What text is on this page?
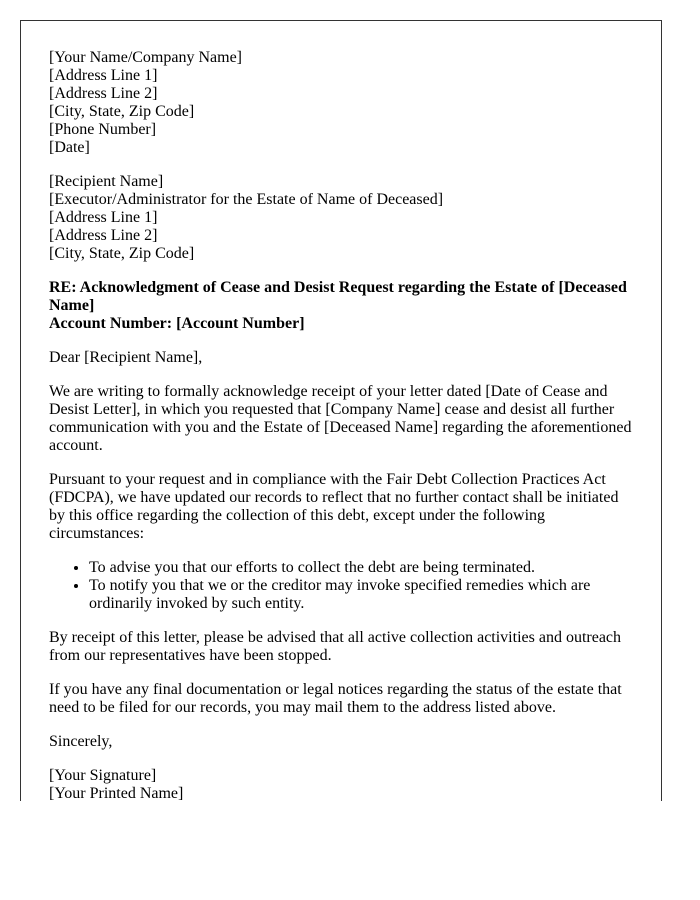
[Your Name/Company Name]
[Address Line 1]
[Address Line 2]
[City, State, Zip Code]
[Phone Number]
[Date]
[Recipient Name]
[Executor/Administrator for the Estate of Name of Deceased]
[Address Line 1]
[Address Line 2]
[City, State, Zip Code]
RE: Acknowledgment of Cease and Desist Request regarding the Estate of [Deceased Name]
Account Number: [Account Number]

Dear [Recipient Name],

We are writing to formally acknowledge receipt of your letter dated [Date of Cease and Desist Letter], in which you requested that [Company Name] cease and desist all further communication with you and the Estate of [Deceased Name] regarding the aforementioned account.

Pursuant to your request and in compliance with the Fair Debt Collection Practices Act (FDCPA), we have updated our records to reflect that no further contact shall be initiated by this office regarding the collection of this debt, except under the following circumstances:

• To advise you that our efforts to collect the debt are being terminated.
• To notify you that we or the creditor may invoke specified remedies which are ordinarily invoked by such entity.

By receipt of this letter, please be advised that all active collection activities and outreach from our representatives have been stopped.

If you have any final documentation or legal notices regarding the status of the estate that need to be filed for our records, you may mail them to the address listed above.

Sincerely,

[Your Signature]
[Your Printed Name]
